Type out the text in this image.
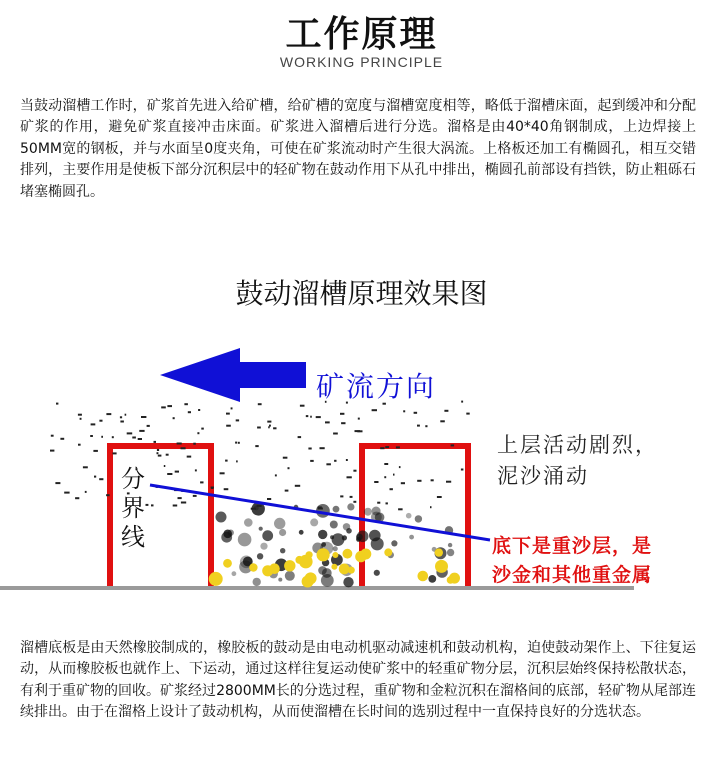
工作原理
WORKING PRINCIPLE
当鼓动溜槽工作时，矿浆首先进入给矿槽，给矿槽的宽度与溜槽宽度相等，略低于溜槽床面，起到缓冲和分配矿浆的作用，避免矿浆直接冲击床面。矿浆进入溜槽后进行分选。溜格是由40*40角钢制成，上边焊接上50MM宽的钢板，并与水面呈0度夹角，可使在矿浆流动时产生很大涡流。上格板还加工有椭圆孔，相互交错排列，主要作用是使板下部分沉积层中的轻矿物在鼓动作用下从孔中排出，椭圆孔前部设有挡铁，防止粗砾石堵塞椭圆孔。
鼓动溜槽原理效果图
矿流方向
分界线
上层活动剧烈，
泥沙涌动
底下是重沙层，是
沙金和其他重金属
溜槽底板是由天然橡胶制成的，橡胶板的鼓动是由电动机驱动减速机和鼓动机构，迫使鼓动架作上、下往复运动，从而橡胶板也就作上、下运动，通过这样往复运动使矿浆中的轻重矿物分层，沉积层始终保持松散状态，有利于重矿物的回收。矿浆经过2800MM长的分选过程，重矿物和金粒沉积在溜格间的底部，轻矿物从尾部连续排出。由于在溜格上设计了鼓动机构，从而使溜槽在长时间的选别过程中一直保持良好的分选状态。
